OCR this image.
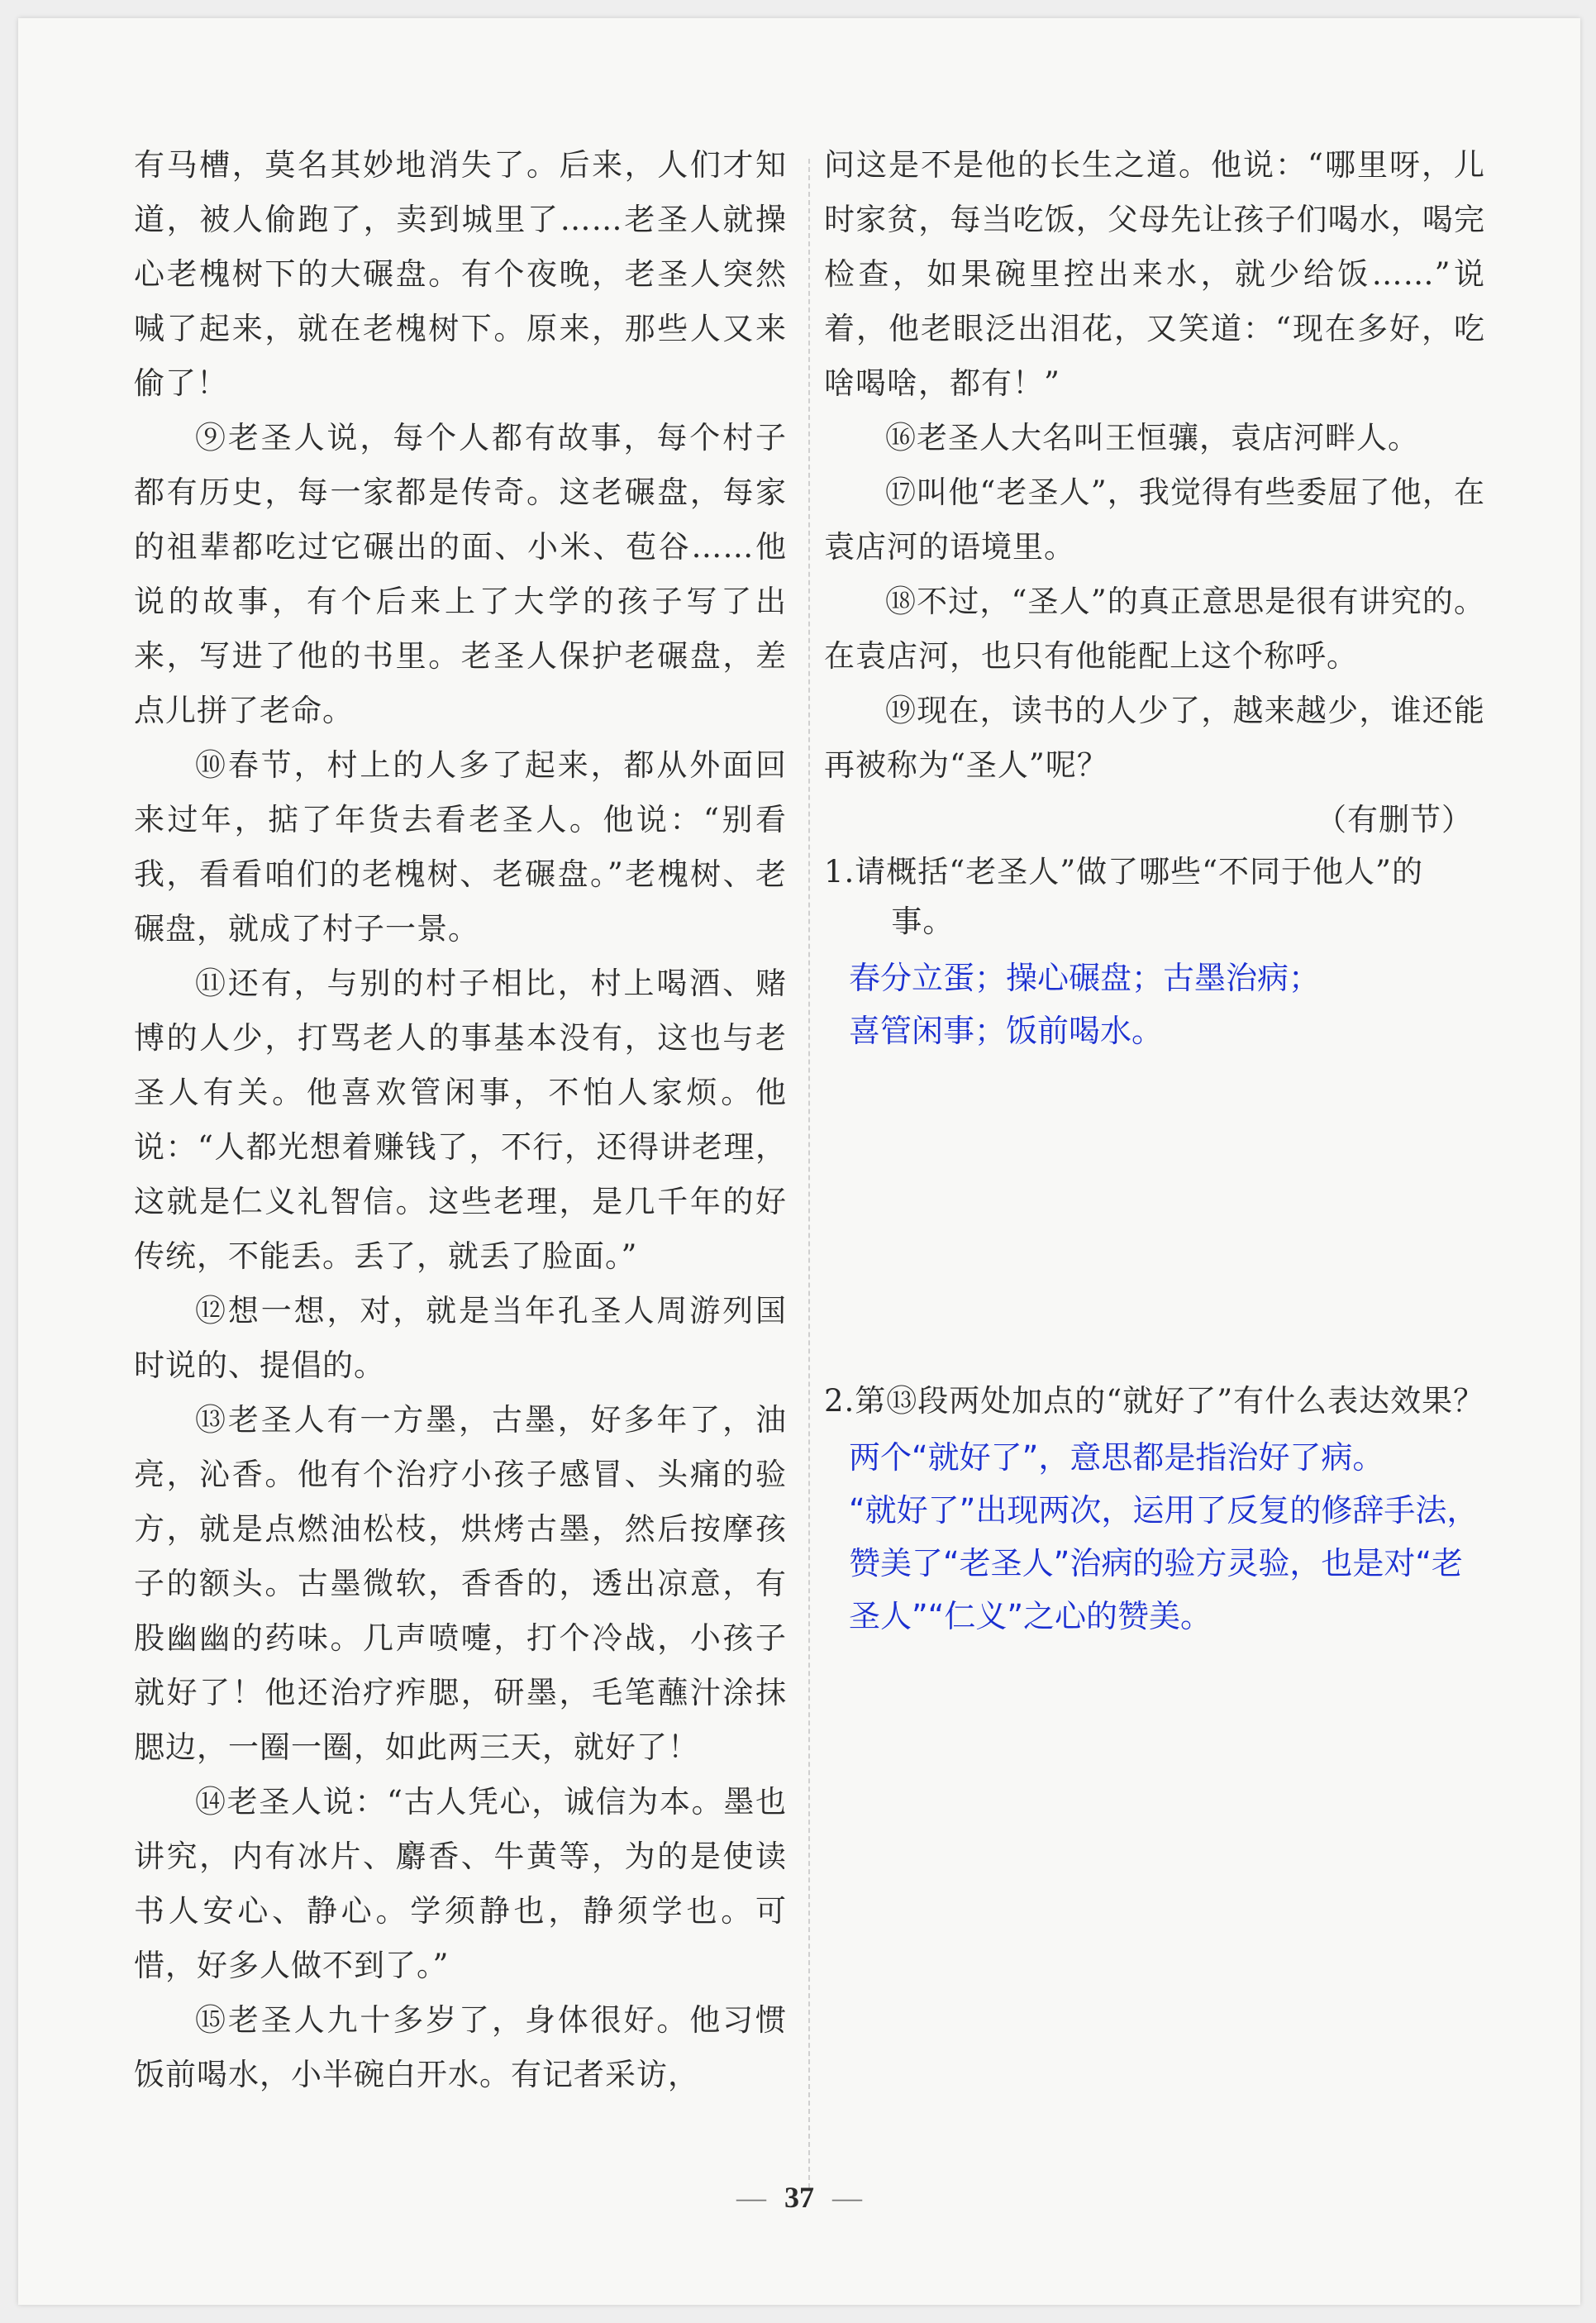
有马槽，莫名其妙地消失了。后来，人们才知道，被人偷跑了，卖到城里了……老圣人就操心老槐树下的大碾盘。有个夜晚，老圣人突然喊了起来，就在老槐树下。原来，那些人又来偷了！

⑨老圣人说，每个人都有故事，每个村子都有历史，每一家都是传奇。这老碾盘，每家的祖辈都吃过它碾出的面、小米、苞谷……他说的故事，有个后来上了大学的孩子写了出来，写进了他的书里。老圣人保护老碾盘，差点儿拼了老命。

⑩春节，村上的人多了起来，都从外面回来过年，掂了年货去看老圣人。他说：“别看我，看看咱们的老槐树、老碾盘。”老槐树、老碾盘，就成了村子一景。

⑪还有，与别的村子相比，村上喝酒、赌博的人少，打骂老人的事基本没有，这也与老圣人有关。他喜欢管闲事，不怕人家烦。他说：“人都光想着赚钱了，不行，还得讲老理，这就是仁义礼智信。这些老理，是几千年的好传统，不能丢。丢了，就丢了脸面。”

⑫想一想，对，就是当年孔圣人周游列国时说的、提倡的。

⑬老圣人有一方墨，古墨，好多年了，油亮，沁香。他有个治疗小孩子感冒、头痛的验方，就是点燃油松枝，烘烤古墨，然后按摩孩子的额头。古墨微软，香香的，透出凉意，有股幽幽的药味。几声喷嚏，打个冷战，小孩子就好了！他还治疗痄腮，研墨，毛笔蘸汁涂抹腮边，一圈一圈，如此两三天，就好了！

⑭老圣人说：“古人凭心，诚信为本。墨也讲究，内有冰片、麝香、牛黄等，为的是使读书人安心、静心。学须静也，静须学也。可惜，好多人做不到了。”

⑮老圣人九十多岁了，身体很好。他习惯饭前喝水，小半碗白开水。有记者采访，

问这是不是他的长生之道。他说：“哪里呀，儿时家贫，每当吃饭，父母先让孩子们喝水，喝完检查，如果碗里控出来水，就少给饭……”说着，他老眼泛出泪花，又笑道：“现在多好，吃啥喝啥，都有！”

⑯老圣人大名叫王恒骧，袁店河畔人。

⑰叫他“老圣人”，我觉得有些委屈了他，在袁店河的语境里。

⑱不过，“圣人”的真正意思是很有讲究的。在袁店河，也只有他能配上这个称呼。

⑲现在，读书的人少了，越来越少，谁还能再被称为“圣人”呢？

（有删节）

1.请概括“老圣人”做了哪些“不同于他人”的事。

春分立蛋；操心碾盘；古墨治病；
喜管闲事；饭前喝水。

2.第⑬段两处加点的“就好了”有什么表达效果？

两个“就好了”，意思都是指治好了病。
“就好了”出现两次，运用了反复的修辞手法，赞美了“老圣人”治病的验方灵验，也是对“老圣人”“仁义”之心的赞美。
— 37 —
